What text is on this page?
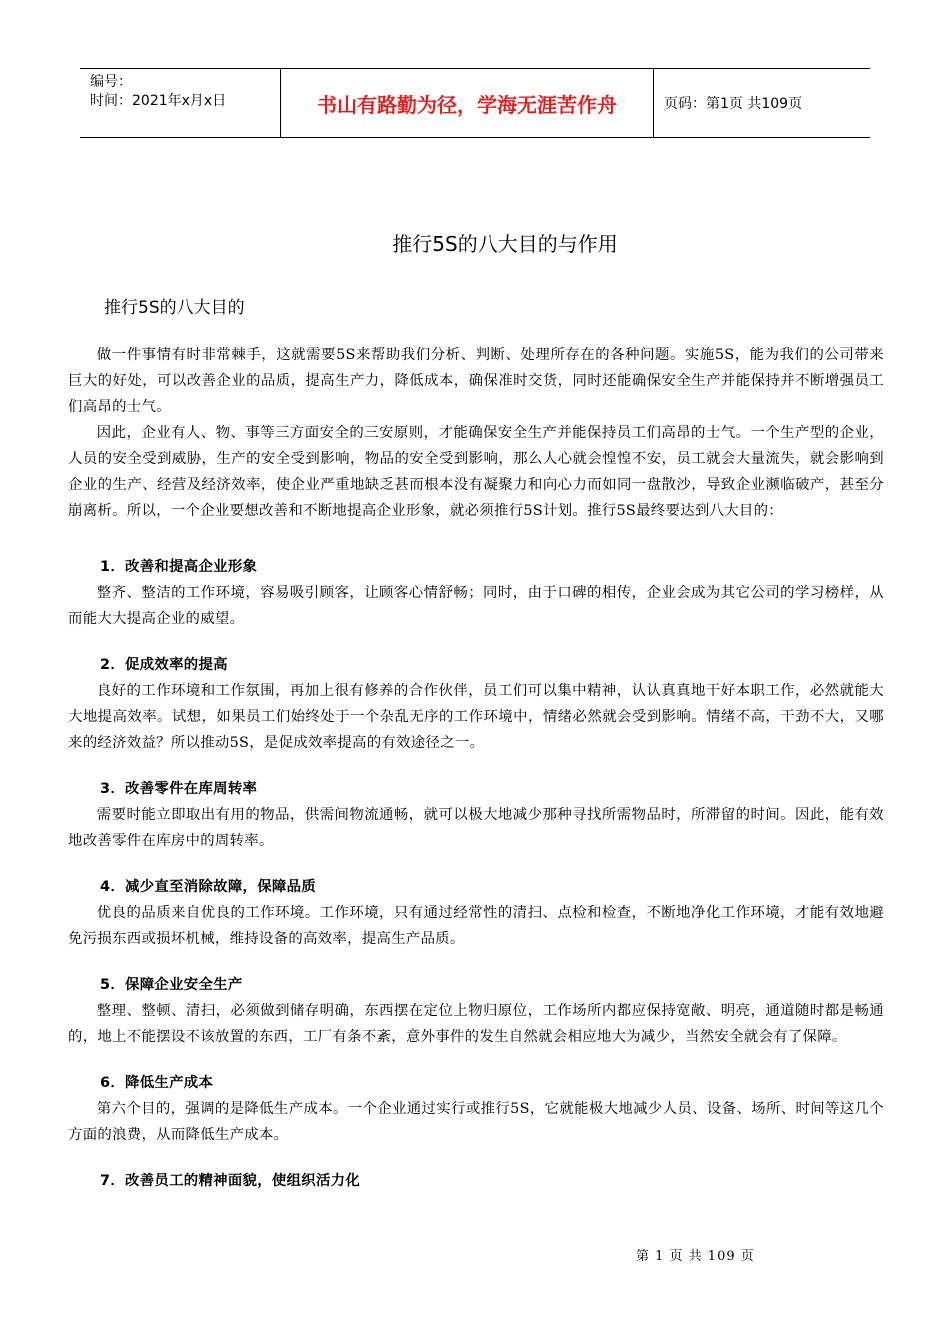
编号：
时间：2021年x月x日	书山有路勤为径，学海无涯苦作舟	页码：第1页 共109页
推行5S的八大目的与作用
推行5S的八大目的

做一件事情有时非常棘手，这就需要5S来帮助我们分析、判断、处理所存在的各种问题。实施5S，能为我们的公司带来巨大的好处，可以改善企业的品质，提高生产力，降低成本，确保准时交货，同时还能确保安全生产并能保持并不断增强员工们高昂的士气。

因此，企业有人、物、事等三方面安全的三安原则，才能确保安全生产并能保持员工们高昂的士气。一个生产型的企业，人员的安全受到威胁，生产的安全受到影响，物品的安全受到影响，那么人心就会惶惶不安，员工就会大量流失，就会影响到企业的生产、经营及经济效率，使企业严重地缺乏甚而根本没有凝聚力和向心力而如同一盘散沙，导致企业濒临破产，甚至分崩离析。所以，一个企业要想改善和不断地提高企业形象，就必须推行5S计划。推行5S最终要达到八大目的：

1．改善和提高企业形象

整齐、整洁的工作环境，容易吸引顾客，让顾客心情舒畅；同时，由于口碑的相传，企业会成为其它公司的学习榜样，从而能大大提高企业的威望。

2．促成效率的提高

良好的工作环境和工作氛围，再加上很有修养的合作伙伴，员工们可以集中精神，认认真真地干好本职工作，必然就能大大地提高效率。试想，如果员工们始终处于一个杂乱无序的工作环境中，情绪必然就会受到影响。情绪不高，干劲不大，又哪来的经济效益？所以推动5S，是促成效率提高的有效途径之一。

3．改善零件在库周转率

需要时能立即取出有用的物品，供需间物流通畅，就可以极大地减少那种寻找所需物品时，所滞留的时间。因此，能有效地改善零件在库房中的周转率。

4．减少直至消除故障，保障品质

优良的品质来自优良的工作环境。工作环境，只有通过经常性的清扫、点检和检查，不断地净化工作环境，才能有效地避免污损东西或损坏机械，维持设备的高效率，提高生产品质。

5．保障企业安全生产

整理、整顿、清扫，必须做到储存明确，东西摆在定位上物归原位，工作场所内都应保持宽敞、明亮，通道随时都是畅通的，地上不能摆设不该放置的东西，工厂有条不紊，意外事件的发生自然就会相应地大为减少，当然安全就会有了保障。

6．降低生产成本

第六个目的，强调的是降低生产成本。一个企业通过实行或推行5S，它就能极大地减少人员、设备、场所、时间等这几个方面的浪费，从而降低生产成本。

7．改善员工的精神面貌，使组织活力化
第 1 页 共 109 页
